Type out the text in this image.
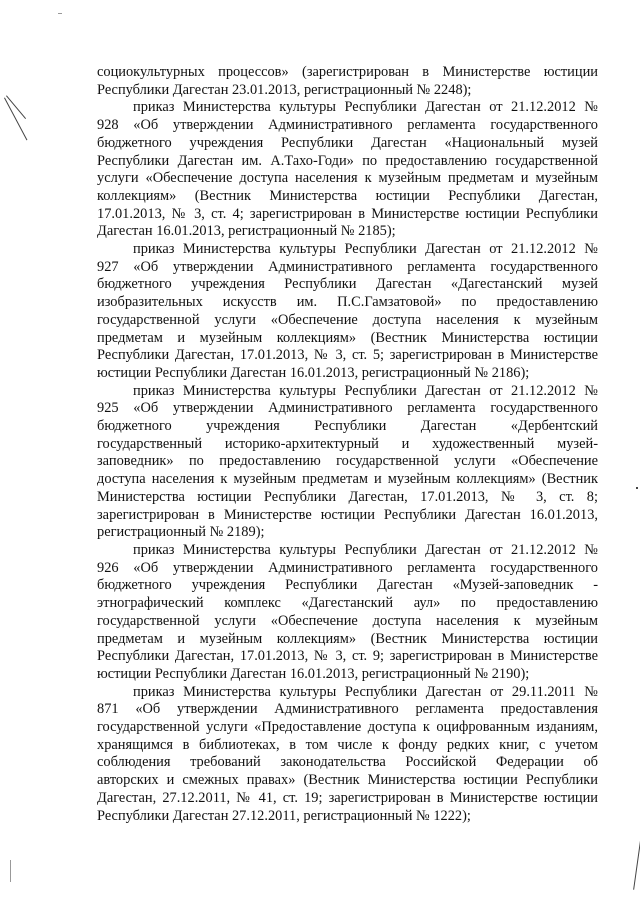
социокультурных процессов» (зарегистрирован в Министерстве юстиции
Республики Дагестан 23.01.2013, регистрационный № 2248);
приказ Министерства культуры Республики Дагестан от 21.12.2012 №
928 «Об утверждении Административного регламента государственного
бюджетного учреждения Республики Дагестан «Национальный музей
Республики Дагестан им. А.Тахо-Годи» по предоставлению государственной
услуги «Обеспечение доступа населения к музейным предметам и музейным
коллекциям» (Вестник Министерства юстиции Республики Дагестан,
17.01.2013, № 3, ст. 4; зарегистрирован в Министерстве юстиции Республики
Дагестан 16.01.2013, регистрационный № 2185);
приказ Министерства культуры Республики Дагестан от 21.12.2012 №
927 «Об утверждении Административного регламента государственного
бюджетного учреждения Республики Дагестан «Дагестанский музей
изобразительных искусств им. П.С.Гамзатовой» по предоставлению
государственной услуги «Обеспечение доступа населения к музейным
предметам и музейным коллекциям» (Вестник Министерства юстиции
Республики Дагестан, 17.01.2013, № 3, ст. 5; зарегистрирован в Министерстве
юстиции Республики Дагестан 16.01.2013, регистрационный № 2186);
приказ Министерства культуры Республики Дагестан от 21.12.2012 №
925 «Об утверждении Административного регламента государственного
бюджетного учреждения Республики Дагестан «Дербентский
государственный историко-архитектурный и художественный музей-
заповедник» по предоставлению государственной услуги «Обеспечение
доступа населения к музейным предметам и музейным коллекциям» (Вестник
Министерства юстиции Республики Дагестан, 17.01.2013, № 3, ст. 8;
зарегистрирован в Министерстве юстиции Республики Дагестан 16.01.2013,
регистрационный № 2189);
приказ Министерства культуры Республики Дагестан от 21.12.2012 №
926 «Об утверждении Административного регламента государственного
бюджетного учреждения Республики Дагестан «Музей-заповедник -
этнографический комплекс «Дагестанский аул» по предоставлению
государственной услуги «Обеспечение доступа населения к музейным
предметам и музейным коллекциям» (Вестник Министерства юстиции
Республики Дагестан, 17.01.2013, № 3, ст. 9; зарегистрирован в Министерстве
юстиции Республики Дагестан 16.01.2013, регистрационный № 2190);
приказ Министерства культуры Республики Дагестан от 29.11.2011 №
871 «Об утверждении Административного регламента предоставления
государственной услуги «Предоставление доступа к оцифрованным изданиям,
хранящимся в библиотеках, в том числе к фонду редких книг, с учетом
соблюдения требований законодательства Российской Федерации об
авторских и смежных правах» (Вестник Министерства юстиции Республики
Дагестан, 27.12.2011, № 41, ст. 19; зарегистрирован в Министерстве юстиции
Республики Дагестан 27.12.2011, регистрационный № 1222);
